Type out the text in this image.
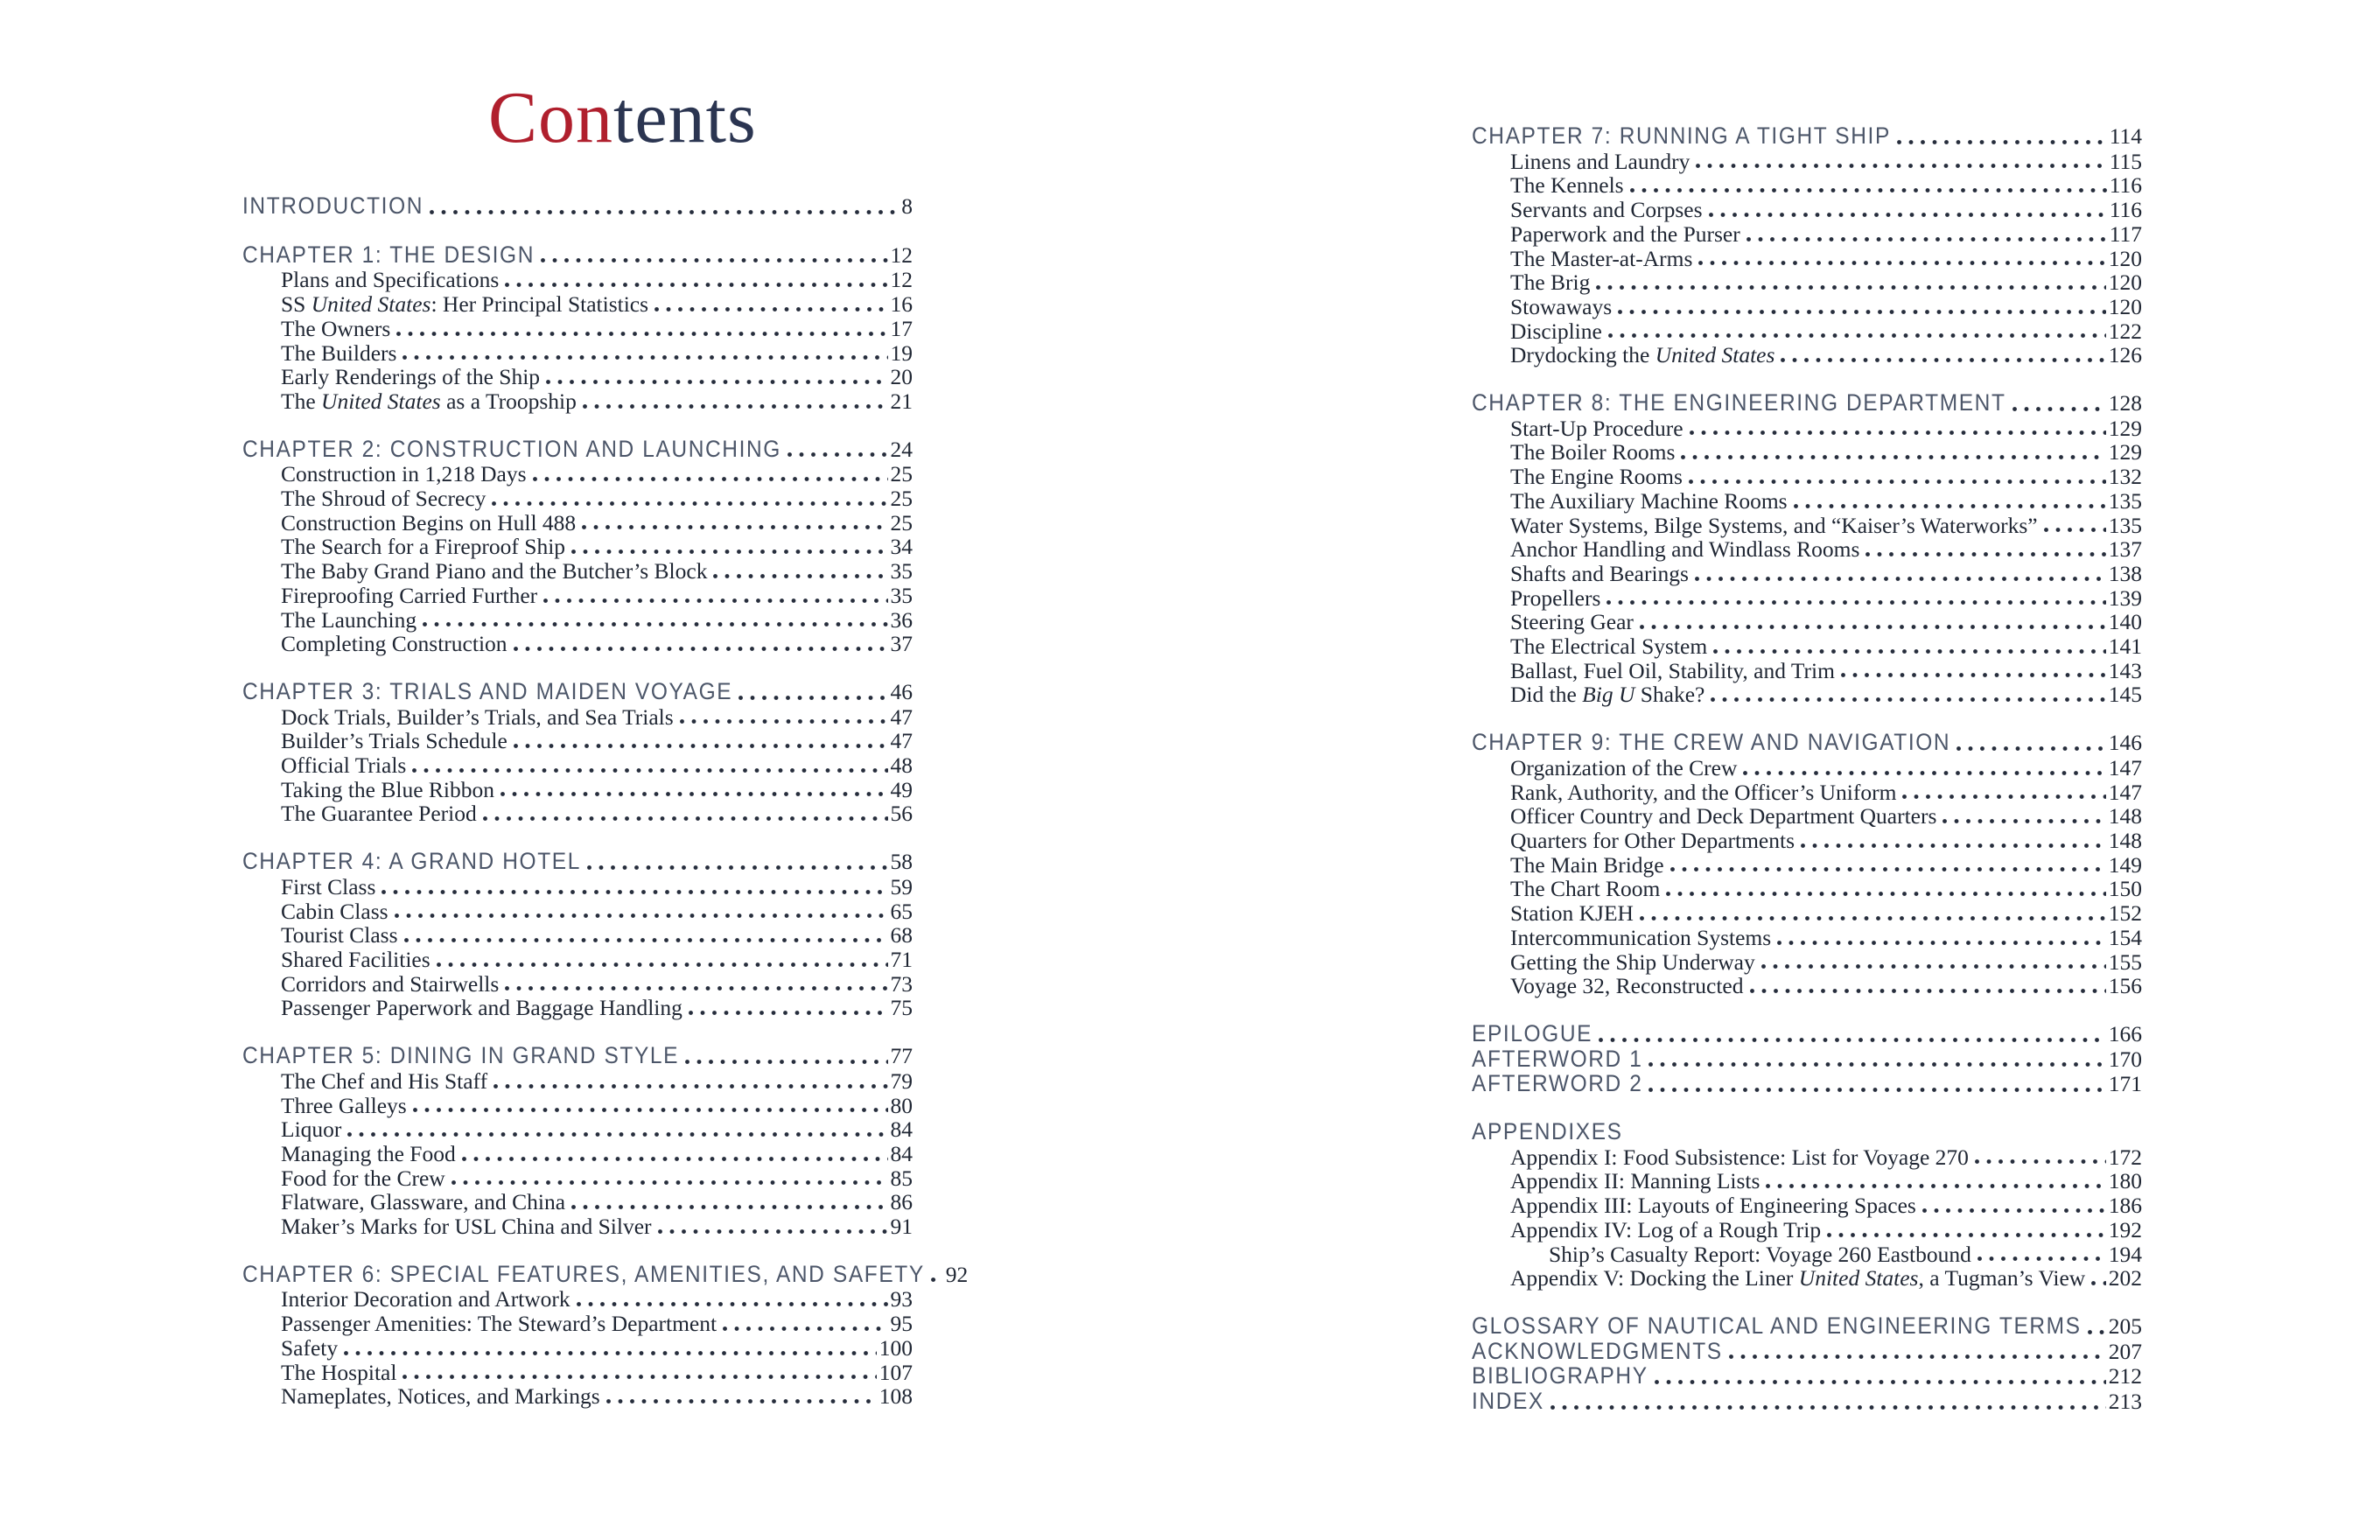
Contents
INTRODUCTION	8
CHAPTER 1: THE DESIGN	12
Plans and Specifications	12
SS United States: Her Principal Statistics	16
The Owners	17
The Builders	19
Early Renderings of the Ship	20
The United States as a Troopship	21
CHAPTER 2: CONSTRUCTION AND LAUNCHING	24
Construction in 1,218 Days	25
The Shroud of Secrecy	25
Construction Begins on Hull 488	25
The Search for a Fireproof Ship	34
The Baby Grand Piano and the Butcher’s Block	35
Fireproofing Carried Further	35
The Launching	36
Completing Construction	37
CHAPTER 3: TRIALS AND MAIDEN VOYAGE	46
Dock Trials, Builder’s Trials, and Sea Trials	47
Builder’s Trials Schedule	47
Official Trials	48
Taking the Blue Ribbon	49
The Guarantee Period	56
CHAPTER 4: A GRAND HOTEL	58
First Class	59
Cabin Class	65
Tourist Class	68
Shared Facilities	71
Corridors and Stairwells	73
Passenger Paperwork and Baggage Handling	75
CHAPTER 5: DINING IN GRAND STYLE	77
The Chef and His Staff	79
Three Galleys	80
Liquor	84
Managing the Food	84
Food for the Crew	85
Flatware, Glassware, and China	86
Maker’s Marks for USL China and Silver	91
CHAPTER 6: SPECIAL FEATURES, AMENITIES, AND SAFETY 92
Interior Decoration and Artwork	93
Passenger Amenities: The Steward’s Department	95
Safety	100
The Hospital	107
Nameplates, Notices, and Markings	108
CHAPTER 7: RUNNING A TIGHT SHIP	114
Linens and Laundry	115
The Kennels	116
Servants and Corpses	116
Paperwork and the Purser	117
The Master-at-Arms	120
The Brig	120
Stowaways	120
Discipline	122
Drydocking the United States	126
CHAPTER 8: THE ENGINEERING DEPARTMENT	128
Start-Up Procedure	129
The Boiler Rooms	129
The Engine Rooms	132
The Auxiliary Machine Rooms	135
Water Systems, Bilge Systems, and “Kaiser’s Waterworks”	135
Anchor Handling and Windlass Rooms	137
Shafts and Bearings	138
Propellers	139
Steering Gear	140
The Electrical System	141
Ballast, Fuel Oil, Stability, and Trim	143
Did the Big U Shake?	145
CHAPTER 9: THE CREW AND NAVIGATION	146
Organization of the Crew	147
Rank, Authority, and the Officer’s Uniform	147
Officer Country and Deck Department Quarters	148
Quarters for Other Departments	148
The Main Bridge	149
The Chart Room	150
Station KJEH	152
Intercommunication Systems	154
Getting the Ship Underway	155
Voyage 32, Reconstructed	156
EPILOGUE	166
AFTERWORD 1	170
AFTERWORD 2	171
APPENDIXES
Appendix I: Food Subsistence: List for Voyage 270	172
Appendix II: Manning Lists	180
Appendix III: Layouts of Engineering Spaces	186
Appendix IV: Log of a Rough Trip	192
Ship’s Casualty Report: Voyage 260 Eastbound	194
Appendix V: Docking the Liner United States, a Tugman’s View 202
GLOSSARY OF NAUTICAL AND ENGINEERING TERMS 205
ACKNOWLEDGMENTS	207
BIBLIOGRAPHY	212
INDEX	213
